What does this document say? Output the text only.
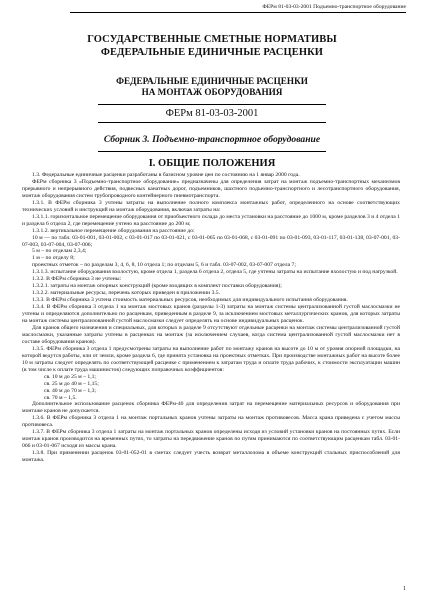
ФЕРм 81-03-03-2001 Подъемно-транспортное оборудование
ГОСУДАРСТВЕННЫЕ СМЕТНЫЕ НОРМАТИВЫ
ФЕДЕРАЛЬНЫЕ ЕДИНИЧНЫЕ РАСЦЕНКИ
ФЕДЕРАЛЬНЫЕ ЕДИНИЧНЫЕ РАСЦЕНКИ
НА МОНТАЖ ОБОРУДОВАНИЯ
ФЕРм 81-03-03-2001
Сборник 3. Подъемно-транспортное оборудование
I. ОБЩИЕ ПОЛОЖЕНИЯ

1.3. Федеральные единичные расценки разработаны в базисном уровне цен по состоянию на 1 январ 2000 года.

ФЕРм сборника 3 «Подъемно-транспортное оборудование» предназначены для определения затрат на монтаж подъемно-транспортных механизмов прерывного и непрерывного действия, подвесных канатных дорог, подъемников, шахтного подъемно-транспортного и лесотранспортного оборудования, монтаж оборудования систем трубопроводного контейнерного пневмотранспорта.

1.3.1. В ФЕРм сборника 3 учтены затраты на выполнение полного комплекса монтажных работ, определенного на основе соответствующих технических условий и инструкций на монтаж оборудования, включая затраты на:

1.3.1.1. горизонтальное перемещение оборудования от приобъектного склада до места установки на расстояние до 1000 м, кроме разделов 3 и 4 отдела 1 и раздела 6 отдела 2, где перемещение учтено на расстояние до 200 м;

1.3.1.2. вертикальное перемещение оборудования на расстояние до:

10 м — по табл. 03-01-001, 03-01-002, с 03-01-017 по 03-01-021, с 03-01-065 по 03-01-068, с 03-01-091 по 03-01-093, 03-01-117, 03-01-138, 03-07-001, 03-07-003, 03-07-004, 03-07-006;

5 м – по отделам 2,3,4;

1 м – по отделу 8;

проектных отметок – по разделам 3, 4, 6, 8, 10 отдела 1; по отделам 5, 6 и табл. 03-07-002, 03-07-007 отдела 7;

1.3.1.3. испытание оборудования вхолостую, кроме отдела 1, раздела 6 отдела 2, отдела 5, где учтены затраты на испытание вхолостую и под нагрузкой.

1.3.2. В ФЕРм сборника 3 не учтены:

1.3.2.1. затраты на монтаж опорных конструкций (кроме входящих в комплект поставки оборудования);

1.3.2.2. материальные ресурсы, перечень которых приведен в приложении 3.5.

1.3.3. В ФЕРм сборника 3 учтена стоимость материальных ресурсов, необходимых для индивидуального испытания оборудования.

1.3.4. В ФЕРм сборника 3 отдела 1 на монтаж мостовых кранов (разделы 1-3) затраты на монтаж системы централизованной густой маслосмазки не учтены и определяются дополнительно по расценкам, приведенным в разделе 9, за исключением мостовых металлургических кранов, для которых затраты на монтаж системы централизованной густой маслосмазки следует определять на основе индивидуальных расценок.

Для кранов общего назначения и специальных, для которых в разделе 9 отсутствуют отдельные расценки на монтаж системы централизованной густой маслосмазки, указанные затраты учтены в расценках на монтаж (за исключением случаев, когда система централизованной густой маслосмазки нет в составе оборудования кранов).

1.3.5. ФЕРм сборника 3 отдела 1 предусмотрены затраты на выполнение работ по монтажу кранов на высоте до 10 м от уровня опорной площадки, на которой ведутся работы, или от земли, кроме раздела 6, где принята установка на проектных отметках. При производстве монтажных работ на высоте более 10 м затраты следует определять по соответствующей расценке с применением к затратам труда и оплате труда рабочих, к стоимости эксплуатации машин (в том числе к оплате труда машинистов) следующих поправочных коэффициентов:

св. 10 м до 25 м – 1,1;

св. 25 м до 40 м – 1,15;

св. 40 м до 70 м – 1,3;

св. 70 м – 1,5.

Дополнительное использование расценок сборника ФЕРм-40 для определения затрат на перемещение материальных ресурсов и оборудования при монтаже кранов не допускается.

1.3.6. В ФЕРм сборника 3 отдела 1 на монтаж портальных кранов учтены затраты на монтаж противовесов. Масса крана приведена с учетом массы противовеса.

1.3.7. В ФЕРм сборника 3 отдела 1 затраты на монтаж портальных кранов определены исходя из условий установки кранов на постоянных путях. Если монтаж кранов производится на временных путях, то затраты на передвижение кранов по путям принимаются по соответствующим расценкам табл. 03-01-066 и 03-01-067 исходя из массы крана.

1.3.8. При применении расценок 03-01-052-01 в сметах следует учесть возврат металлолома в объеме конструкций стальных приспособлений для монтажа.

1
